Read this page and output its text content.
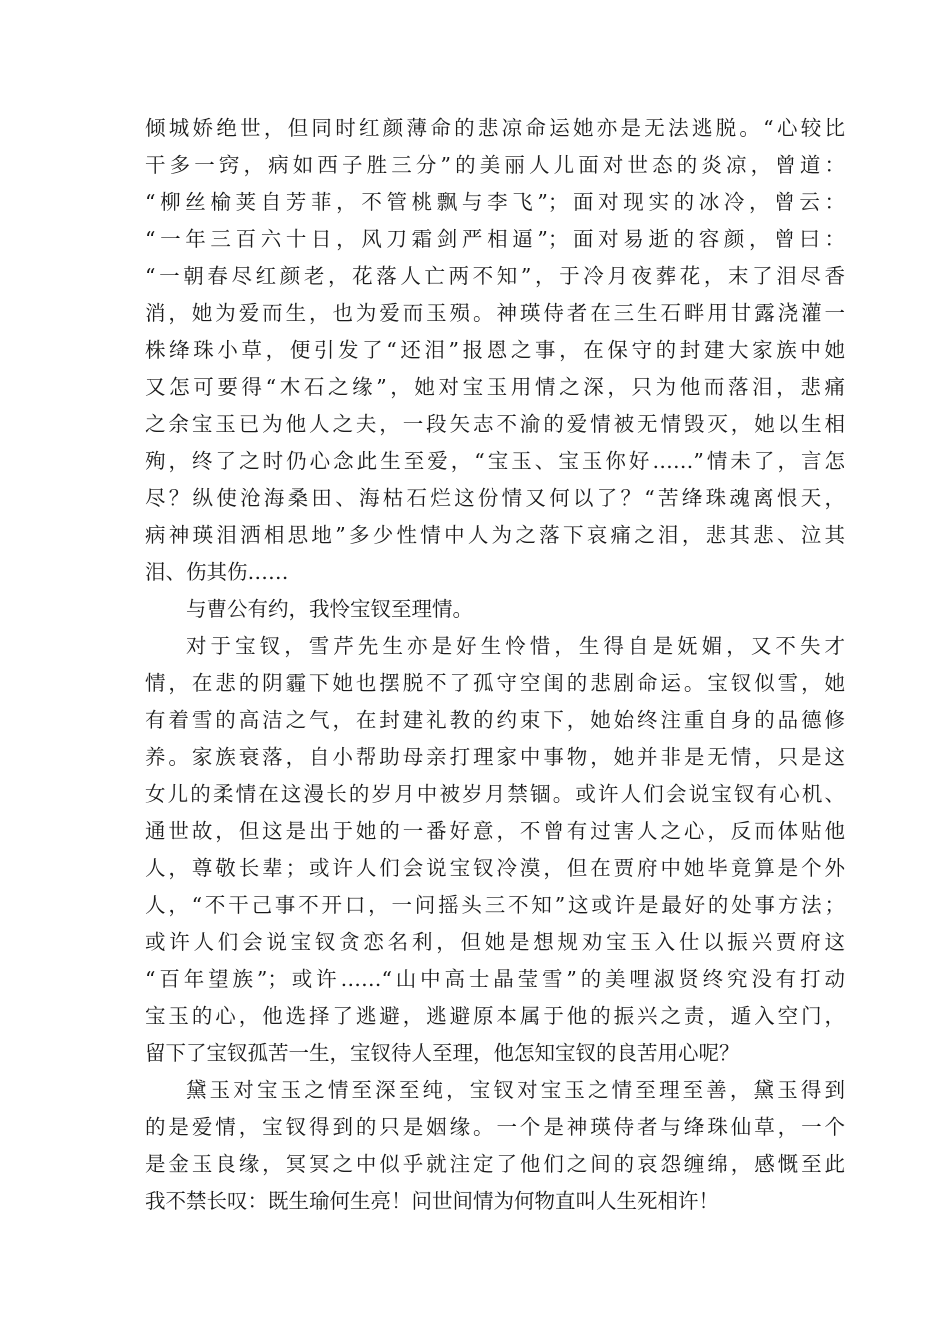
倾城娇绝世，但同时红颜薄命的悲凉命运她亦是无法逃脱。“心较比
干多一窍，病如西子胜三分”的美丽人儿面对世态的炎凉，曾道：
“柳丝榆荚自芳菲，不管桃飘与李飞”；面对现实的冰冷，曾云：
“一年三百六十日，风刀霜剑严相逼”；面对易逝的容颜，曾曰：
“一朝春尽红颜老，花落人亡两不知”，于冷月夜葬花，末了泪尽香
消，她为爱而生，也为爱而玉殒。神瑛侍者在三生石畔用甘露浇灌一
株绛珠小草，便引发了“还泪”报恩之事，在保守的封建大家族中她
又怎可要得“木石之缘”，她对宝玉用情之深，只为他而落泪，悲痛
之余宝玉已为他人之夫，一段矢志不渝的爱情被无情毁灭，她以生相
殉，终了之时仍心念此生至爱，“宝玉、宝玉你好……”情未了，言怎
尽？纵使沧海桑田、海枯石烂这份情又何以了？“苦绛珠魂离恨天，
病神瑛泪洒相思地”多少性情中人为之落下哀痛之泪，悲其悲、泣其
泪、伤其伤……
与曹公有约，我怜宝钗至理情。
对于宝钗，雪芹先生亦是好生怜惜，生得自是妩媚，又不失才
情，在悲的阴霾下她也摆脱不了孤守空闺的悲剧命运。宝钗似雪，她
有着雪的高洁之气，在封建礼教的约束下，她始终注重自身的品德修
养。家族衰落，自小帮助母亲打理家中事物，她并非是无情，只是这
女儿的柔情在这漫长的岁月中被岁月禁锢。或许人们会说宝钗有心机、
通世故，但这是出于她的一番好意，不曾有过害人之心，反而体贴他
人，尊敬长辈；或许人们会说宝钗冷漠，但在贾府中她毕竟算是个外
人，“不干己事不开口，一问摇头三不知”这或许是最好的处事方法；
或许人们会说宝钗贪恋名利，但她是想规劝宝玉入仕以振兴贾府这
“百年望族”；或许……“山中高士晶莹雪”的美哩淑贤终究没有打动
宝玉的心，他选择了逃避，逃避原本属于他的振兴之责，遁入空门，
留下了宝钗孤苦一生，宝钗待人至理，他怎知宝钗的良苦用心呢？
黛玉对宝玉之情至深至纯，宝钗对宝玉之情至理至善，黛玉得到
的是爱情，宝钗得到的只是姻缘。一个是神瑛侍者与绛珠仙草，一个
是金玉良缘，冥冥之中似乎就注定了他们之间的哀怨缠绵，感慨至此
我不禁长叹：既生瑜何生亮！问世间情为何物直叫人生死相许！
